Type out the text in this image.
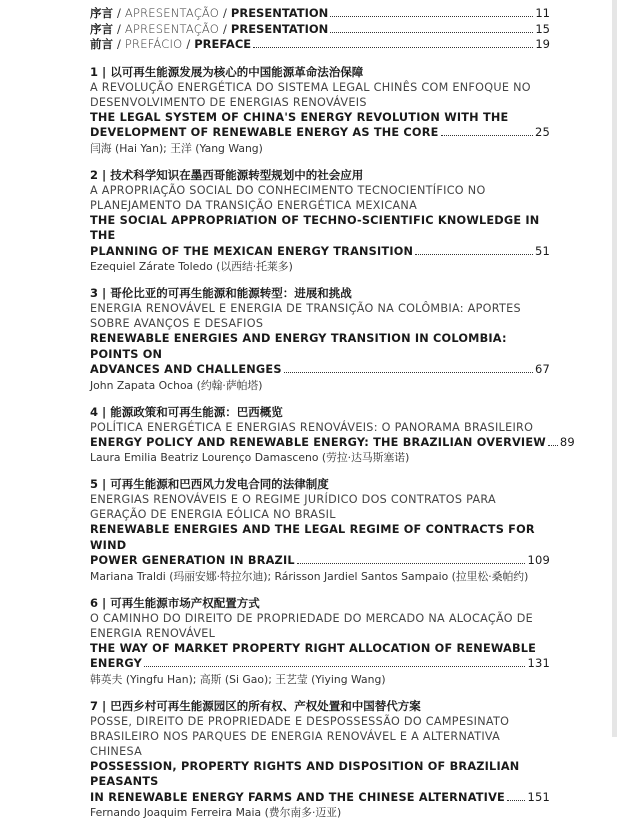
序言 / APRESENTAÇÃO / PRESENTATION	11
序言 / APRESENTAÇÃO / PRESENTATION	15
前言 / PREFÁCIO / PREFACE	19
1 | 以可再生能源发展为核心的中国能源革命法治保障
A REVOLUÇÃO ENERGÉTICA DO SISTEMA LEGAL CHINÊS COM ENFOQUE NO
DESENVOLVIMENTO DE ENERGIAS RENOVÁVEIS
THE LEGAL SYSTEM OF CHINA'S ENERGY REVOLUTION WITH THE
DEVELOPMENT OF RENEWABLE ENERGY AS THE CORE	25
闫海 (Hai Yan); 王洋 (Yang Wang)
2 | 技术科学知识在墨西哥能源转型规划中的社会应用
A APROPRIAÇÃO SOCIAL DO CONHECIMENTO TECNOCIENTÍFICO NO
PLANEJAMENTO DA TRANSIÇÃO ENERGÉTICA MEXICANA
THE SOCIAL APPROPRIATION OF TECHNO-SCIENTIFIC KNOWLEDGE IN THE
PLANNING OF THE MEXICAN ENERGY TRANSITION	51
Ezequiel Zárate Toledo (以西结·托莱多)
3 | 哥伦比亚的可再生能源和能源转型：进展和挑战
ENERGIA RENOVÁVEL E ENERGIA DE TRANSIÇÃO NA COLÔMBIA: APORTES
SOBRE AVANÇOS E DESAFIOS
RENEWABLE ENERGIES AND ENERGY TRANSITION IN COLOMBIA: POINTS ON
ADVANCES AND CHALLENGES	67
John Zapata Ochoa (约翰·萨帕塔)
4 | 能源政策和可再生能源：巴西概览
POLÍTICA ENERGÉTICA E ENERGIAS RENOVÁVEIS: O PANORAMA BRASILEIRO
ENERGY POLICY AND RENEWABLE ENERGY: THE BRAZILIAN OVERVIEW 89
Laura Emilia Beatriz Lourenço Damasceno (劳拉·达马斯塞诺)
5 | 可再生能源和巴西风力发电合同的法律制度
ENERGIAS RENOVÁVEIS E O REGIME JURÍDICO DOS CONTRATOS PARA
GERAÇÃO DE ENERGIA EÓLICA NO BRASIL
RENEWABLE ENERGIES AND THE LEGAL REGIME OF CONTRACTS FOR WIND
POWER GENERATION IN BRAZIL	109
Mariana Traldi (玛丽安娜·特拉尔迪); Rárisson Jardiel Santos Sampaio (拉里松·桑帕约)
6 | 可再生能源市场产权配置方式
O CAMINHO DO DIREITO DE PROPRIEDADE DO MERCADO NA ALOCAÇÃO DE
ENERGIA RENOVÁVEL
THE WAY OF MARKET PROPERTY RIGHT ALLOCATION OF RENEWABLE
ENERGY	131
韩英夫 (Yingfu Han); 高斯 (Si Gao); 王艺莹 (Yiying Wang)
7 | 巴西乡村可再生能源园区的所有权、产权处置和中国替代方案
POSSE, DIREITO DE PROPRIEDADE E DESPOSSESSÃO DO CAMPESINATO
BRASILEIRO NOS PARQUES DE ENERGIA RENOVÁVEL E A ALTERNATIVA CHINESA
POSSESSION, PROPERTY RIGHTS AND DISPOSITION OF BRAZILIAN PEASANTS
IN RENEWABLE ENERGY FARMS AND THE CHINESE ALTERNATIVE 151
Fernando Joaquim Ferreira Maia (费尔南多·迈亚)
